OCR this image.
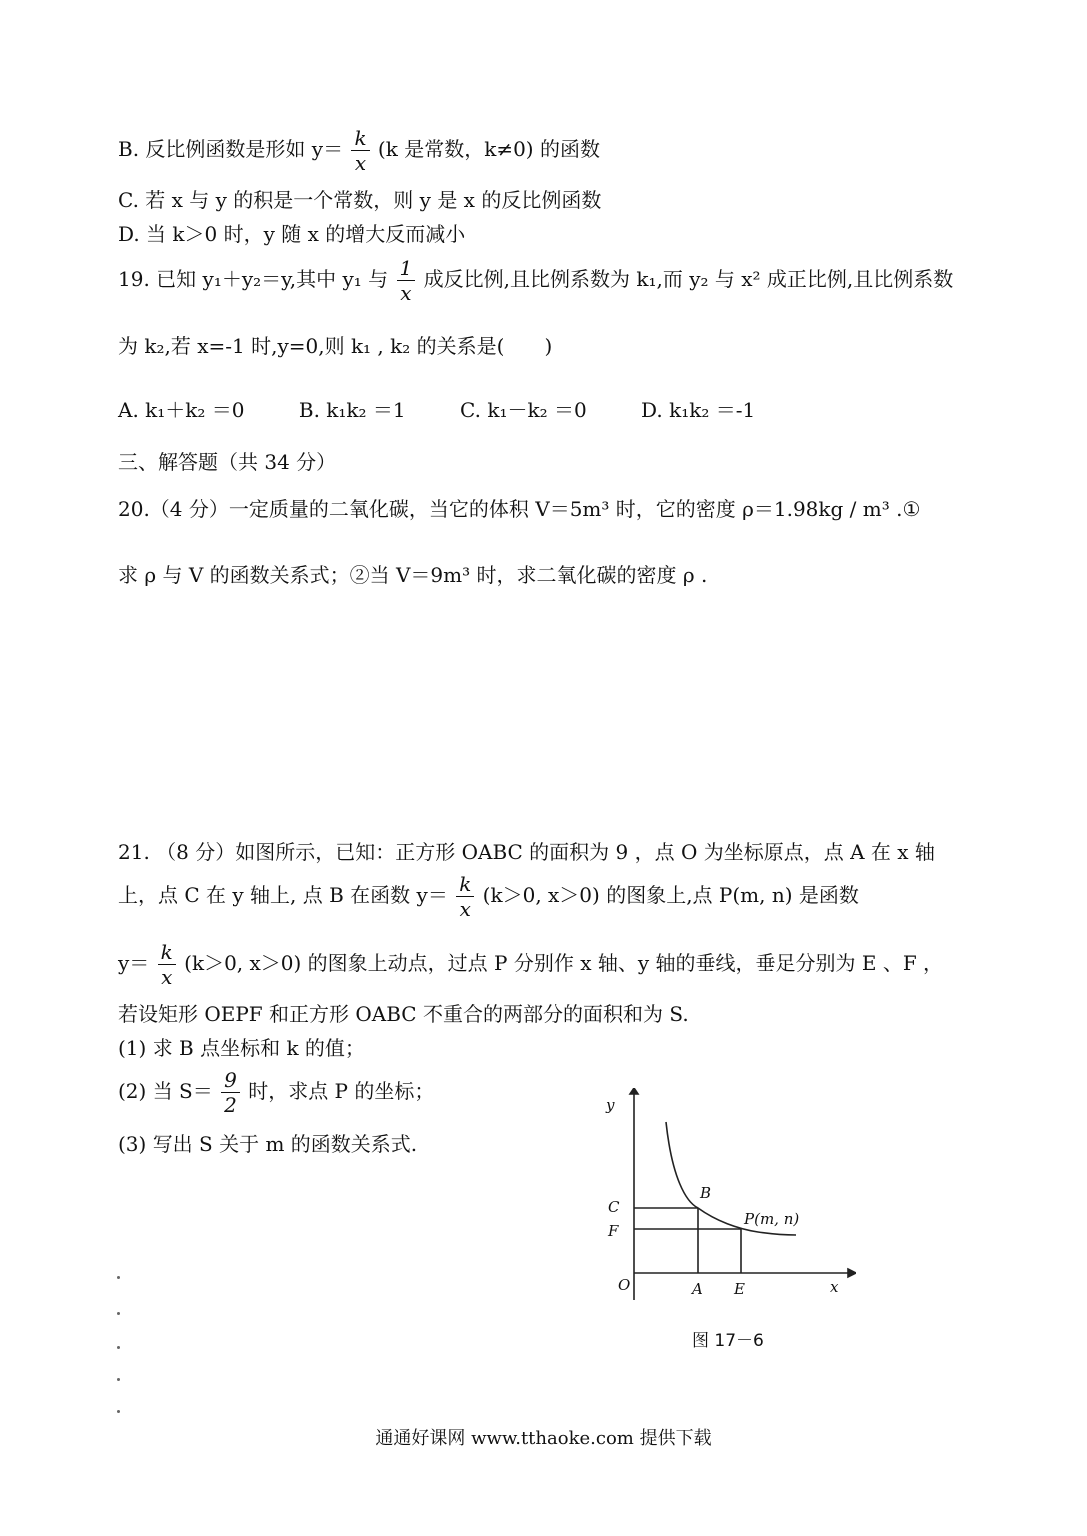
B. 反比例函数是形如 $y= \frac{k}{x} (k$ 是常数，k≠0) 的函数
C. 若 x 与 y 的积是一个常数，则 y 是 x 的反比例函数
D. 当 k＞0 时，y 随 x 的增大反而减小
19. 已知 y₁＋y₂＝y,其中 y₁ 与 $\frac{1}{x}$ 成反比例,且比例系数为 k₁,而 y₂ 与 x² 成正比例,且比例系数
为 k₂,若 x=-1 时,y=0,则 k₁ , k₂ 的关系是(　　)
A. k₁＋k₂ ＝0	B. k₁k₂ ＝1	C. k₁－k₂ ＝0	D. k₁k₂ ＝-1
三、解答题（共 34 分）
20.（4 分）一定质量的二氧化碳，当它的体积 V＝5m³ 时，它的密度 ρ＝1.98kg / m³ .①
求 ρ 与 V 的函数关系式；②当 V＝9m³ 时，求二氧化碳的密度 ρ .
21. （8 分）如图所示，已知：正方形 OABC 的面积为 9 ，点 O 为坐标原点，点 A 在 x 轴
上，点 C 在 y 轴上, 点 B 在函数 $y= \frac{k}{x} (k>0$, x＞0) 的图象上,点 P(m, n) 是函数
$y= \frac{k}{x} (k>0$, x＞0) 的图象上动点，过点 P 分别作 x 轴、y 轴的垂线，垂足分别为 E 、F ，
若设矩形 OEPF 和正方形 OABC 不重合的两部分的面积和为 S.
(1) 求 B 点坐标和 k 的值；
(2) 当 $S= \frac{9}{2}$ 时，求点 P 的坐标；
(3) 写出 S 关于 m 的函数关系式.
y
x
O	A E
C
F
B
P(m, n)
图 17－6
通通好课网 www.tthaoke.com 提供下载
